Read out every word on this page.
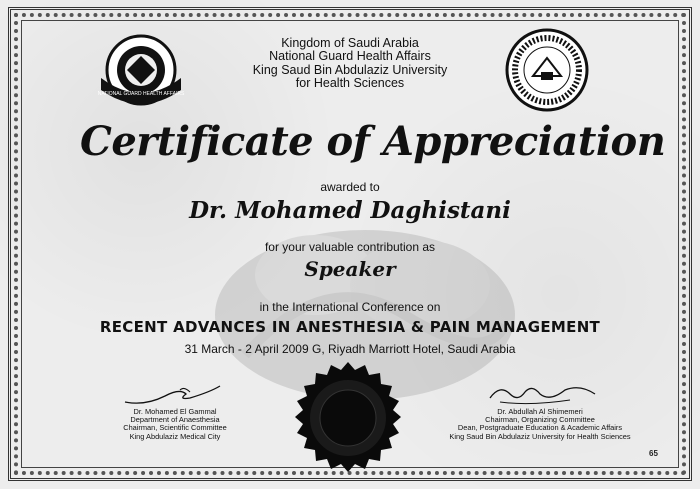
NATIONAL GUARD HEALTH AFFAIRS
Kingdom of Saudi Arabia
National Guard Health Affairs
King Saud Bin Abdulaziz University
for Health Sciences
Certificate of Appreciation
awarded to
Dr. Mohamed Daghistani
for your valuable contribution as
Speaker
in the International Conference on
RECENT ADVANCES IN ANESTHESIA & PAIN MANAGEMENT
31 March - 2 April 2009 G, Riyadh Marriott Hotel, Saudi Arabia
Dr. Mohamed El Gammal
Department of Anaesthesia
Chairman, Scientific Committee
King Abdulaziz Medical City
Dr. Abdullah Al Shimemeri
Chairman, Organizing Committee
Dean, Postgraduate Education & Academic Affairs
King Saud Bin Abdulaziz University for Health Sciences
65
